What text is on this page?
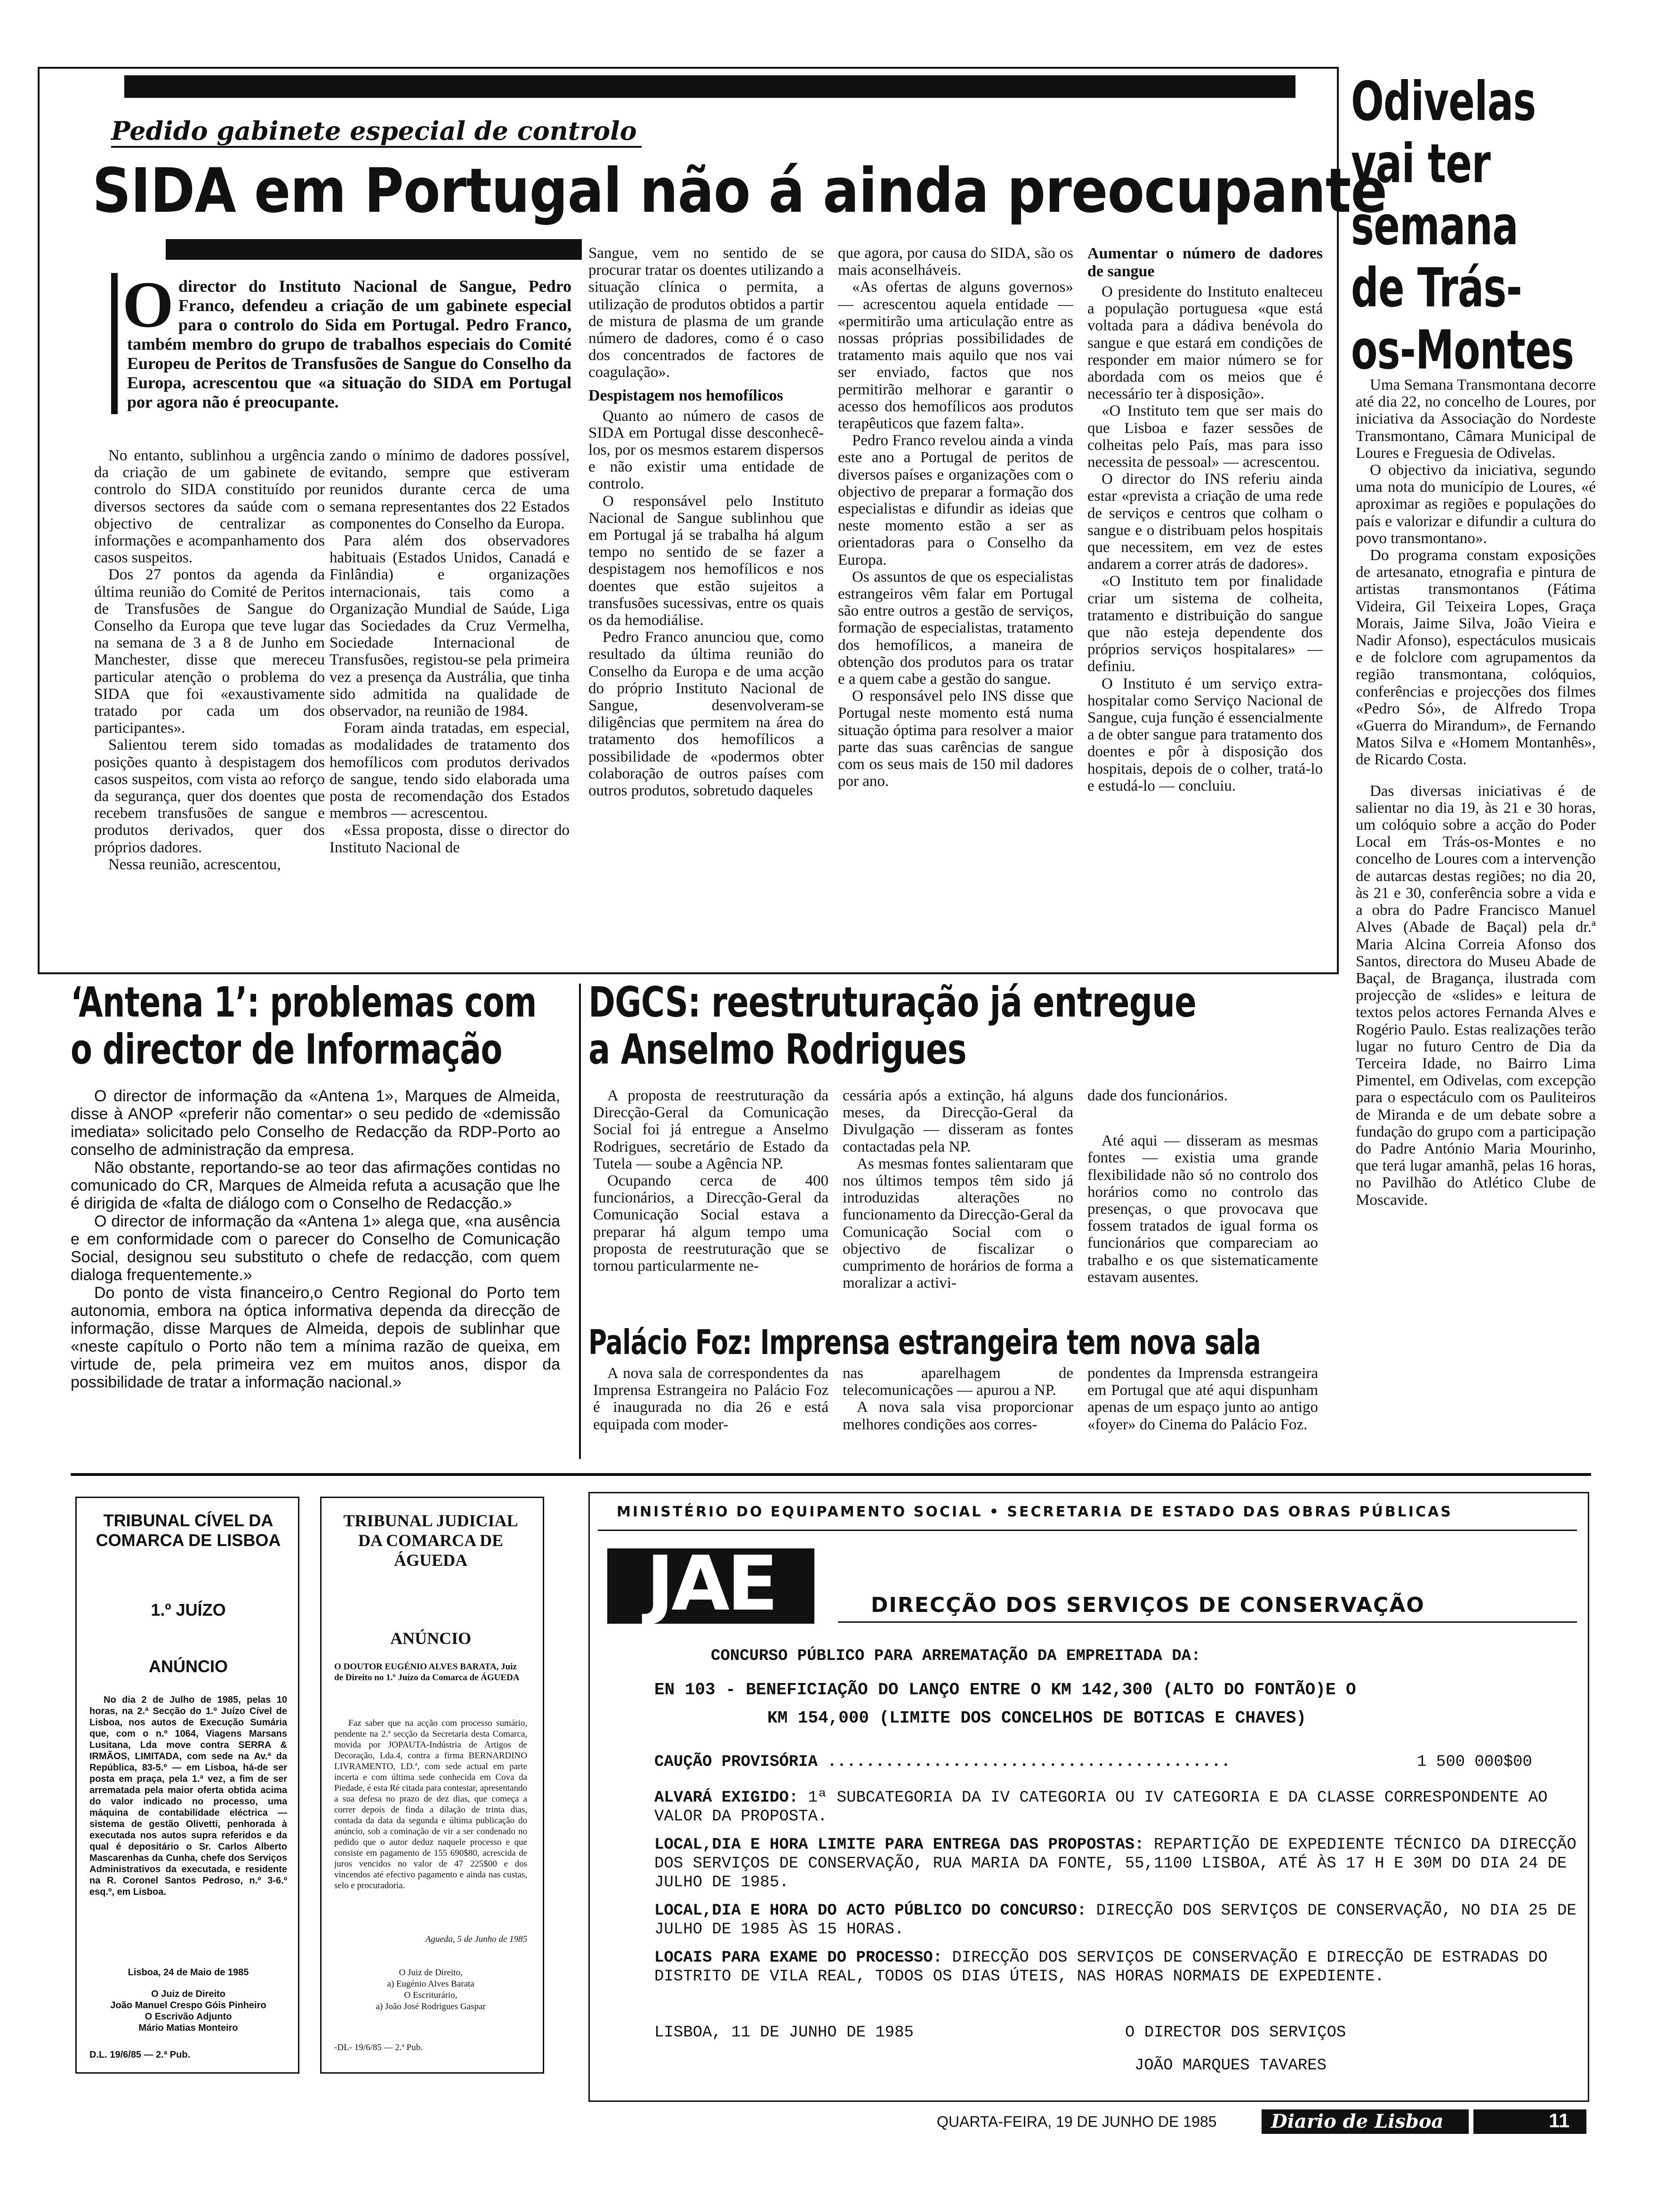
Pedido gabinete especial de controlo
SIDA em Portugal não á ainda preocupante
O director do Instituto Nacional de Sangue, Pedro Franco, defendeu a criação de um gabinete especial para o controlo do Sida em Portugal. Pedro Franco, também membro do grupo de trabalhos especiais do Comité Europeu de Peritos de Transfusões de Sangue do Conselho da Europa, acrescentou que «a situação do SIDA em Portugal por agora não é preocupante.

No entanto, sublinhou a urgência da criação de um gabinete de controlo do SIDA constituído por diversos sectores da saúde com o objectivo de centralizar as informações e acompanhamento dos casos suspeitos.

Dos 27 pontos da agenda da última reunião do Comité de Peritos de Transfusões de Sangue do Conselho da Europa que teve lugar na semana de 3 a 8 de Junho em Manchester, disse que mereceu particular atenção o problema do SIDA que foi «exaustivamente tratado por cada um dos participantes».

Salientou terem sido tomadas posições quanto à despistagem dos casos suspeitos, com vista ao reforço da segurança, quer dos doentes que recebem transfusões de sangue e produtos derivados, quer dos próprios dadores.

Nessa reunião, acrescentou,

zando o mínimo de dadores possível, evitando, sempre que estiveram reunidos durante cerca de uma semana representantes dos 22 Estados componentes do Conselho da Europa.

Para além dos observadores habituais (Estados Unidos, Canadá e Finlândia) e organizações internacionais, tais como a Organização Mundial de Saúde, Liga das Sociedades da Cruz Vermelha, Sociedade Internacional de Transfusões, registou-se pela primeira vez a presença da Austrália, que tinha sido admitida na qualidade de observador, na reunião de 1984.

Foram ainda tratadas, em especial, as modalidades de tratamento dos hemofílicos com produtos derivados de sangue, tendo sido elaborada uma posta de recomendação dos Estados membros — acrescentou.

«Essa proposta, disse o director do Instituto Nacional de

Sangue, vem no sentido de se procurar tratar os doentes utilizando a situação clínica o permita, a utilização de produtos obtidos a partir de mistura de plasma de um grande número de dadores, como é o caso dos concentrados de factores de coagulação».

Despistagem nos hemofílicos

Quanto ao número de casos de SIDA em Portugal disse desconhecê-los, por os mesmos estarem dispersos e não existir uma entidade de controlo.

O responsável pelo Instituto Nacional de Sangue sublinhou que em Portugal já se trabalha há algum tempo no sentido de se fazer a despistagem nos hemofílicos e nos doentes que estão sujeitos a transfusões sucessivas, entre os quais os da hemodiálise.

Pedro Franco anunciou que, como resultado da última reunião do Conselho da Europa e de uma acção do próprio Instituto Nacional de Sangue, desenvolveram-se diligências que permitem na área do tratamento dos hemofílicos a possibilidade de «podermos obter colaboração de outros países com outros produtos, sobretudo daqueles

que agora, por causa do SIDA, são os mais aconselháveis.

«As ofertas de alguns governos» — acrescentou aquela entidade — «permitirão uma articulação entre as nossas próprias possibilidades de tratamento mais aquilo que nos vai ser enviado, factos que nos permitirão melhorar e garantir o acesso dos hemofílicos aos produtos terapêuticos que fazem falta».

Pedro Franco revelou ainda a vinda este ano a Portugal de peritos de diversos países e organizações com o objectivo de preparar a formação dos especialistas e difundir as ideias que neste momento estão a ser as orientadoras para o Conselho da Europa.

Os assuntos de que os especialistas estrangeiros vêm falar em Portugal são entre outros a gestão de serviços, formação de especialistas, tratamento dos hemofílicos, a maneira de obtenção dos produtos para os tratar e a quem cabe a gestão do sangue.

O responsável pelo INS disse que Portugal neste momento está numa situação óptima para resolver a maior parte das suas carências de sangue com os seus mais de 150 mil dadores por ano.

Aumentar o número de dadores de sangue

O presidente do Instituto enalteceu a população portuguesa «que está voltada para a dádiva benévola do sangue e que estará em condições de responder em maior número se for abordada com os meios que é necessário ter à disposição».

«O Instituto tem que ser mais do que Lisboa e fazer sessões de colheitas pelo País, mas para isso necessita de pessoal» — acrescentou.

O director do INS referiu ainda estar «prevista a criação de uma rede de serviços e centros que colham o sangue e o distribuam pelos hospitais que necessitem, em vez de estes andarem a correr atrás de dadores».

«O Instituto tem por finalidade criar um sistema de colheita, tratamento e distribuição do sangue que não esteja dependente dos próprios serviços hospitalares» — definiu.

O Instituto é um serviço extra-hospitalar como Serviço Nacional de Sangue, cuja função é essencialmente a de obter sangue para tratamento dos doentes e pôr à disposição dos hospitais, depois de o colher, tratá-lo e estudá-lo — concluiu.

Odivelas
vai ter
semana
de Trás-
os-Montes

Uma Semana Transmontana decorre até dia 22, no concelho de Loures, por iniciativa da Associação do Nordeste Transmontano, Câmara Municipal de Loures e Freguesia de Odivelas.

O objectivo da iniciativa, segundo uma nota do município de Loures, «é aproximar as regiões e populações do país e valorizar e difundir a cultura do povo transmontano».

Do programa constam exposições de artesanato, etnografia e pintura de artistas transmontanos (Fátima Videira, Gil Teixeira Lopes, Graça Morais, Jaime Silva, João Vieira e Nadir Afonso), espectáculos musicais e de folclore com agrupamentos da região transmontana, colóquios, conferências e projecções dos filmes «Pedro Só», de Alfredo Tropa «Guerra do Mirandum», de Fernando Matos Silva e «Homem Montanhês», de Ricardo Costa.

Das diversas iniciativas é de salientar no dia 19, às 21 e 30 horas, um colóquio sobre a acção do Poder Local em Trás-os-Montes e no concelho de Loures com a intervenção de autarcas destas regiões; no dia 20, às 21 e 30, conferência sobre a vida e a obra do Padre Francisco Manuel Alves (Abade de Baçal) pela dr.ª Maria Alcina Correia Afonso dos Santos, directora do Museu Abade de Baçal, de Bragança, ilustrada com projecção de «slides» e leitura de textos pelos actores Fernanda Alves e Rogério Paulo. Estas realizações terão lugar no futuro Centro de Dia da Terceira Idade, no Bairro Lima Pimentel, em Odivelas, com excepção para o espectáculo com os Pauliteiros de Miranda e de um debate sobre a fundação do grupo com a participação do Padre António Maria Mourinho, que terá lugar amanhã, pelas 16 horas, no Pavilhão do Atlético Clube de Moscavide.

‘Antena 1’: problemas com
o director de Informação

O director de informação da «Antena 1», Marques de Almeida, disse à ANOP «preferir não comentar» o seu pedido de «demissão imediata» solicitado pelo Conselho de Redacção da RDP-Porto ao conselho de administração da empresa.

Não obstante, reportando-se ao teor das afirmações contidas no comunicado do CR, Marques de Almeida refuta a acusação que lhe é dirigida de «falta de diálogo com o Conselho de Redacção.»

O director de informação da «Antena 1» alega que, «na ausência e em conformidade com o parecer do Conselho de Comunicação Social, designou seu substituto o chefe de redacção, com quem dialoga frequentemente.»

Do ponto de vista financeiro,o Centro Regional do Porto tem autonomia, embora na óptica informativa dependa da direcção de informação, disse Marques de Almeida, depois de sublinhar que «neste capítulo o Porto não tem a mínima razão de queixa, em virtude de, pela primeira vez em muitos anos, dispor da possibilidade de tratar a informação nacional.»

DGCS: reestruturação já entregue
a Anselmo Rodrigues

A proposta de reestruturação da Direcção-Geral da Comunicação Social foi já entregue a Anselmo Rodrigues, secretário de Estado da Tutela — soube a Agência NP.

Ocupando cerca de 400 funcionários, a Direcção-Geral da Comunicação Social estava a preparar há algum tempo uma proposta de reestruturação que se tornou particularmente ne-

cessária após a extinção, há alguns meses, da Direcção-Geral da Divulgação — disseram as fontes contactadas pela NP.

As mesmas fontes salientaram que nos últimos tempos têm sido já introduzidas alterações no funcionamento da Direcção-Geral da Comunicação Social com o objectivo de fiscalizar o cumprimento de horários de forma a moralizar a activi-

dade dos funcionários.

Até aqui — disseram as mesmas fontes — existia uma grande flexibilidade não só no controlo dos horários como no controlo das presenças, o que provocava que fossem tratados de igual forma os funcionários que compareciam ao trabalho e os que sistematicamente estavam ausentes.

Palácio Foz: Imprensa estrangeira tem nova sala

A nova sala de correspondentes da Imprensa Estrangeira no Palácio Foz é inaugurada no dia 26 e está equipada com moder-

nas aparelhagem de telecomunicações — apurou a NP.

A nova sala visa proporcionar melhores condições aos corres-

pondentes da Imprensda estrangeira em Portugal que até aqui dispunham apenas de um espaço junto ao antigo «foyer» do Cinema do Palácio Foz.

TRIBUNAL CÍVEL DA COMARCA DE LISBOA
1.º JUÍZO
ANÚNCIO
No dia 2 de Julho de 1985, pelas 10 horas, na 2.ª Secção do 1.º Juízo Cível de Lisboa, nos autos de Execução Sumária que, com o n.º 1064, Viagens Marsans Lusitana, Lda move contra SERRA & IRMÃOS, LIMITADA, com sede na Av.ª da República, 83-5.º — em Lisboa, há-de ser posta em praça, pela 1.ª vez, a fim de ser arrematada pela maior oferta obtida acima do valor indicado no processo, uma máquina de contabilidade eléctrica — sistema de gestão Olivetti, penhorada à executada nos autos supra referidos e da qual é depositário o Sr. Carlos Alberto Mascarenhas da Cunha, chefe dos Serviços Administrativos da executada, e residente na R. Coronel Santos Pedroso, n.º 3-6.º esq.º, em Lisboa.
Lisboa, 24 de Maio de 1985
O Juiz de Direito
João Manuel Crespo Góis Pinheiro
O Escrivão Adjunto
Mário Matias Monteiro
D.L. 19/6/85 — 2.ª Pub.
TRIBUNAL JUDICIAL DA COMARCA DE ÁGUEDA
ANÚNCIO
O DOUTOR EUGÉNIO ALVES BARATA, Juiz de Direito no 1.º Juízo da Comarca de ÁGUEDA
Faz saber que na acção com processo sumário, pendente na 2.ª secção da Secretaria desta Comarca, movida por JOPAUTA-Indústria de Artigos de Decoração, Lda.4, contra a firma BERNARDINO LIVRAMENTO, LD.ª, com sede actual em parte incerta e com última sede conhecida em Cova da Piedade, é esta Ré citada para contestar, apresentando a sua defesa no prazo de dez dias, que começa a correr depois de finda a dilação de trinta dias, contada da data da segunda e última publicação do anúncio, sob a cominação de vir a ser condenado no pedido que o autor deduz naquele processo e que consiste em pagamento de 155 690$80, acrescida de juros vencidos no valor de 47 225$00 e dos vincendos até efectivo pagamento e ainda nas custas, selo e procuradoria.
Agueda, 5 de Junho de 1985
O Juiz de Direito,
a) Eugénio Alves Barata
O Escriturário,
a) João José Rodrigues Gaspar
-DL- 19/6/85 — 2.ª Pub.
MINISTÉRIO DO EQUIPAMENTO SOCIAL • SECRETARIA DE ESTADO DAS OBRAS PÚBLICAS
JAE	DIRECÇÃO DOS SERVIÇOS DE CONSERVAÇÃO
CONCURSO PÚBLICO PARA ARREMATAÇÃO DA EMPREITADA DA:
EN 103 - BENEFICIAÇÃO DO LANÇO ENTRE O KM 142,300 (ALTO DO FONTÃO)E O
KM 154,000 (LIMITE DOS CONCELHOS DE BOTICAS E CHAVES)
CAUÇÃO PROVISÓRIA ..........................................	1 500 000$00
ALVARÁ EXIGIDO: 1ª SUBCATEGORIA DA IV CATEGORIA OU IV CATEGORIA E DA CLASSE CORRESPONDENTE AO VALOR DA PROPOSTA.
LOCAL,DIA E HORA LIMITE PARA ENTREGA DAS PROPOSTAS: REPARTIÇÃO DE EXPEDIENTE TÉCNICO DA DIRECÇÃO DOS SERVIÇOS DE CONSERVAÇÃO, RUA MARIA DA FONTE, 55,1100 LISBOA, ATÉ ÀS 17 H E 30M DO DIA 24 DE JULHO DE 1985.
LOCAL,DIA E HORA DO ACTO PÚBLICO DO CONCURSO: DIRECÇÃO DOS SERVIÇOS DE CONSERVAÇÃO, NO DIA 25 DE JULHO DE 1985 ÀS 15 HORAS.
LOCAIS PARA EXAME DO PROCESSO: DIRECÇÃO DOS SERVIÇOS DE CONSERVAÇÃO E DIRECÇÃO DE ESTRADAS DO DISTRITO DE VILA REAL, TODOS OS DIAS ÚTEIS, NAS HORAS NORMAIS DE EXPEDIENTE.
LISBOA, 11 DE JUNHO DE 1985	O DIRECTOR DOS SERVIÇOS
JOÃO MARQUES TAVARES
QUARTA-FEIRA, 19 DE JUNHO DE 1985	Diario de Lisboa	11
